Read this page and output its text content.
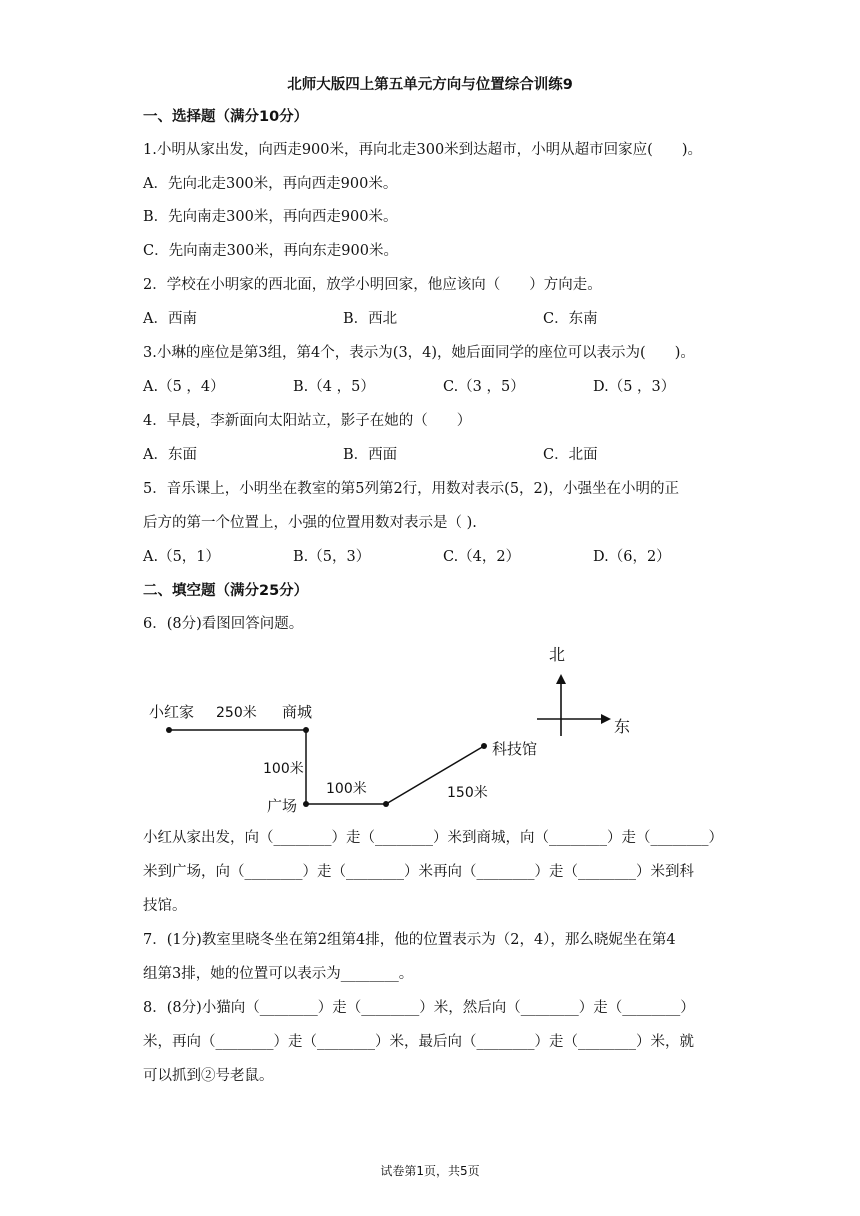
北师大版四上第五单元方向与位置综合训练9
一、选择题（满分10分）
1.小明从家出发，向西走900米，再向北走300米到达超市，小明从超市回家应(　　)。
A．先向北走300米，再向西走900米。
B．先向南走300米，再向西走900米。
C．先向南走300米，再向东走900米。
2．学校在小明家的西北面，放学小明回家，他应该向（　　）方向走。
A．西南	B．西北	C．东南
3.小琳的座位是第3组，第4个，表示为(3，4)，她后面同学的座位可以表示为(　　)。
A.（5 ，4）	B.（4 ，5）	C.（3 ，5）	D.（5 ，3）
4．早晨，李新面向太阳站立，影子在她的（　　）
A．东面	B．西面	C．北面
5．音乐课上，小明坐在教室的第5列第2行，用数对表示(5，2)，小强坐在小明的正
后方的第一个位置上，小强的位置用数对表示是（ ).
A.（5，1）	B.（5，3）	C.（4，2）	D.（6，2）
二、填空题（满分25分）
6．(8分)看图回答问题。
北
东
小红家 250米 商城
100米
广场
100米	150米
科技馆
小红从家出发，向（________）走（________）米到商城，向（________）走（________）
米到广场，向（________）走（________）米再向（________）走（________）米到科
技馆。
7．(1分)教室里晓冬坐在第2组第4排，他的位置表示为（2，4），那么晓妮坐在第4
组第3排，她的位置可以表示为________。
8．(8分)小猫向（________）走（________）米，然后向（________）走（________）
米，再向（________）走（________）米，最后向（________）走（________）米，就
可以抓到②号老鼠。
试卷第1页，共5页
